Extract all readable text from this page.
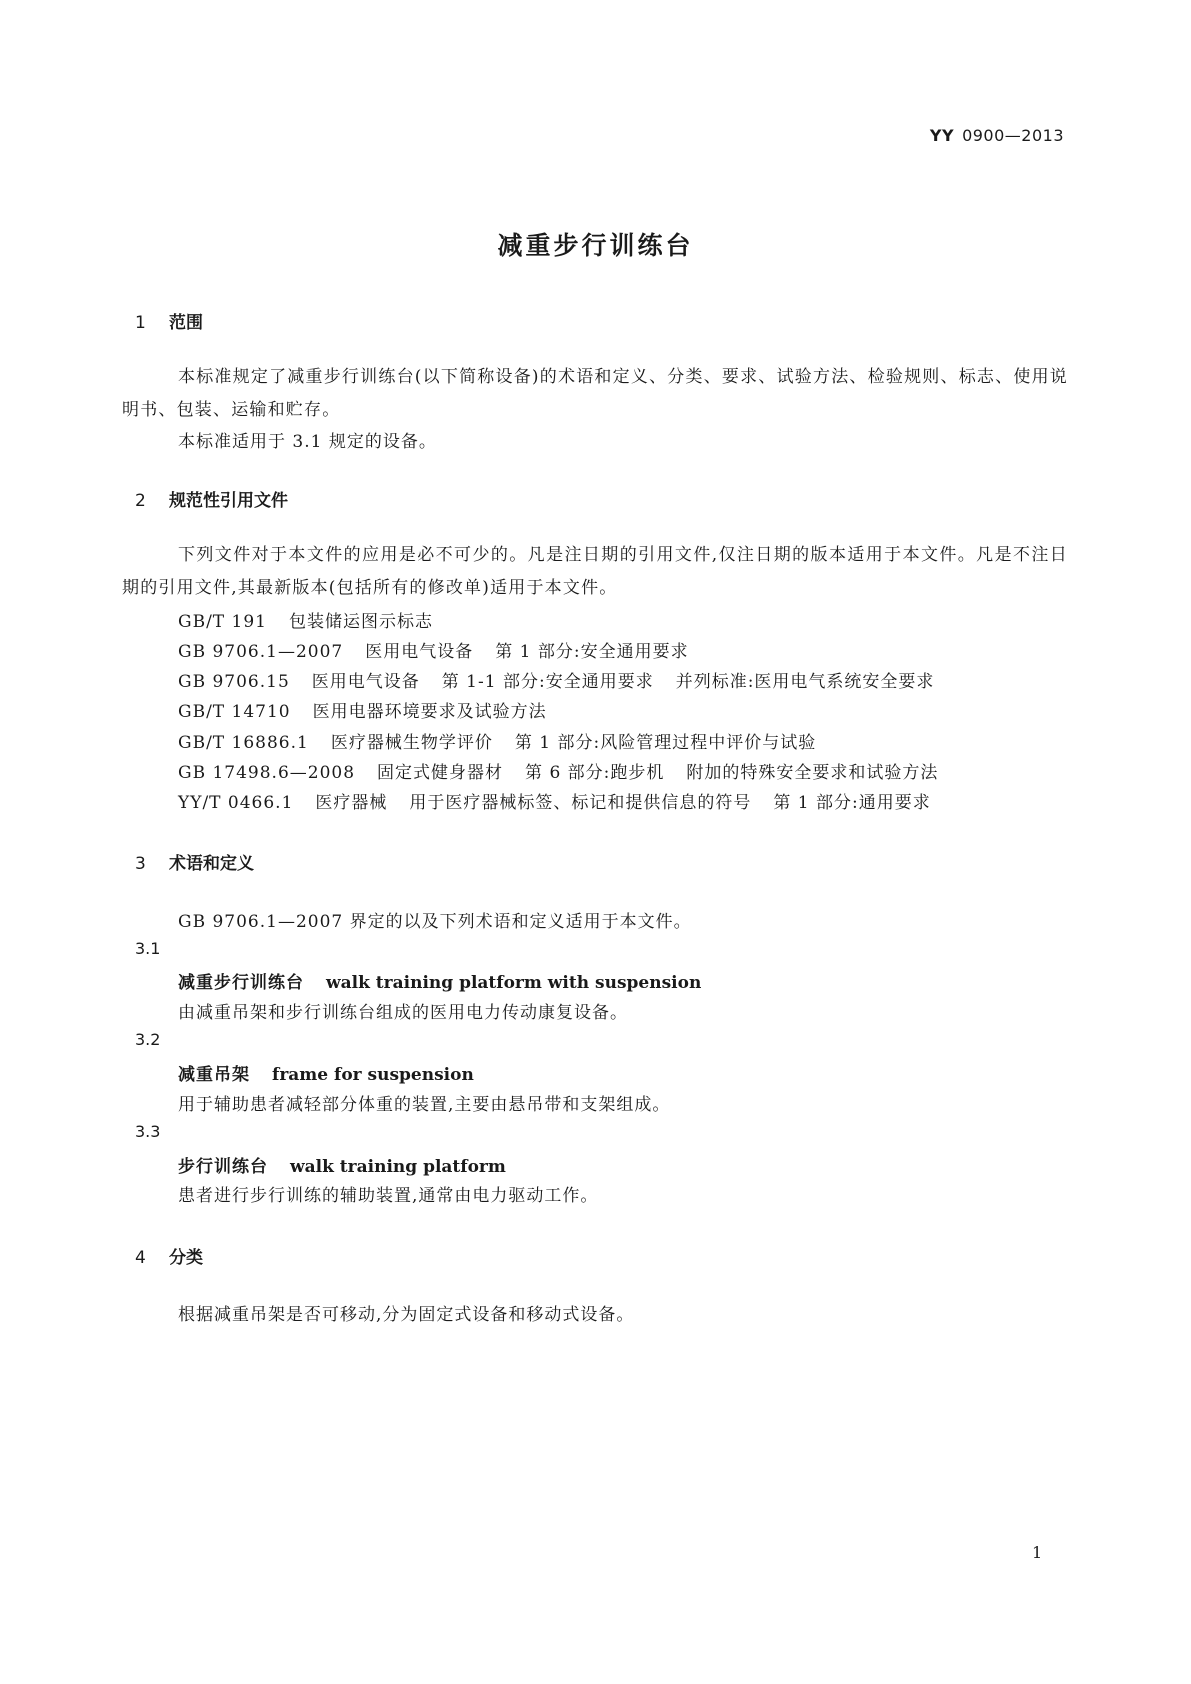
YY 0900—2013
减重步行训练台
1 范围
本标准规定了减重步行训练台(以下简称设备)的术语和定义、分类、要求、试验方法、检验规则、标志、使用说明书、包装、运输和贮存。
本标准适用于 3.1 规定的设备。
2 规范性引用文件
下列文件对于本文件的应用是必不可少的。凡是注日期的引用文件,仅注日期的版本适用于本文件。凡是不注日期的引用文件,其最新版本(包括所有的修改单)适用于本文件。
GB/T 191 包装储运图示标志
GB 9706.1—2007 医用电气设备 第 1 部分:安全通用要求
GB 9706.15 医用电气设备 第 1-1 部分:安全通用要求 并列标准:医用电气系统安全要求
GB/T 14710 医用电器环境要求及试验方法
GB/T 16886.1 医疗器械生物学评价 第 1 部分:风险管理过程中评价与试验
GB 17498.6—2008 固定式健身器材 第 6 部分:跑步机 附加的特殊安全要求和试验方法
YY/T 0466.1 医疗器械 用于医疗器械标签、标记和提供信息的符号 第 1 部分:通用要求
3 术语和定义
GB 9706.1—2007 界定的以及下列术语和定义适用于本文件。
3.1
减重步行训练台 walk training platform with suspension
由减重吊架和步行训练台组成的医用电力传动康复设备。
3.2
减重吊架 frame for suspension
用于辅助患者减轻部分体重的装置,主要由悬吊带和支架组成。
3.3
步行训练台 walk training platform
患者进行步行训练的辅助装置,通常由电力驱动工作。
4 分类
根据减重吊架是否可移动,分为固定式设备和移动式设备。
1
